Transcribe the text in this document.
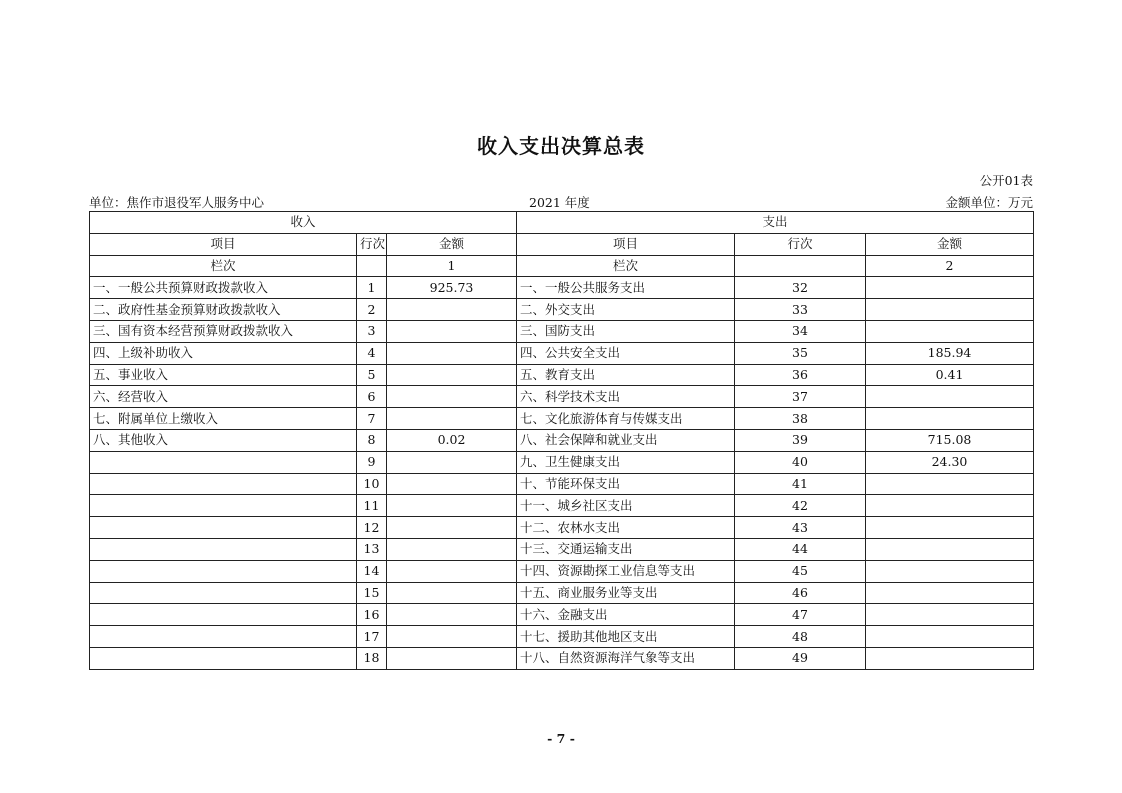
收入支出决算总表
公开01表
单位：焦作市退役军人服务中心	2021 年度	金额单位：万元
收入			支出		
项目	行次	金额	项目	行次	金额
栏次		1	栏次		2
一、一般公共预算财政拨款收入	1	925.73	一、一般公共服务支出	32	
二、政府性基金预算财政拨款收入	2		二、外交支出	33	
三、国有资本经营预算财政拨款收入	3		三、国防支出	34	
四、上级补助收入	4		四、公共安全支出	35	185.94
五、事业收入	5		五、教育支出	36	0.41
六、经营收入	6		六、科学技术支出	37	
七、附属单位上缴收入	7		七、文化旅游体育与传媒支出	38	
八、其他收入	8	0.02	八、社会保障和就业支出	39	715.08
	9		九、卫生健康支出	40	24.30
	10		十、节能环保支出	41	
	11		十一、城乡社区支出	42	
	12		十二、农林水支出	43	
	13		十三、交通运输支出	44	
	14		十四、资源勘探工业信息等支出	45	
	15		十五、商业服务业等支出	46	
	16		十六、金融支出	47	
	17		十七、援助其他地区支出	48	
	18		十八、自然资源海洋气象等支出	49	
- 7 -
